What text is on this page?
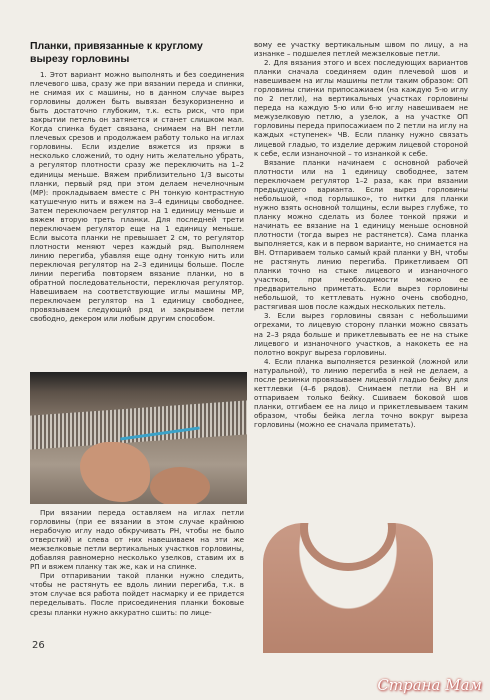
Планки, привязанные к круглому вырезу горловины

1. Этот вариант можно выполнять и без соединения плечевого шва, сразу же при вязании переда и спинки, не снимая их с машины, но в данном случае вырез горловины должен быть вывязан безукоризненно и быть достаточно глубоким, т.к. есть риск, что при закрытии петель он затянется и станет слишком мал. Когда спинка будет связана, снимаем на ВН петли плечевых срезов и продолжаем работу только на иглах горловины. Если изделие вяжется из пряжи в несколько сложений, то одну нить желательно убрать, а регулятор плотности сразу же переключить на 1–2 единицы меньше. Вяжем приблизительно 1/3 высоты планки, первый ряд при этом делаем нечелночным (МР): прокладываем вместе с РН тонкую контрастную катушечную нить и вяжем на 3–4 единицы свободнее. Затем переключаем регулятор на 1 единицу меньше и вяжем вторую треть планки. Для последней трети переключаем регулятор еще на 1 единицу меньше. Если высота планки не превышает 2 см, то регулятор плотности меняют через каждый ряд. Выполняем линию перегиба, убавляя еще одну тонкую нить или переключая регулятор на 2–3 единицы больше. После линии перегиба повторяем вязание планки, но в обратной последовательности, переключая регулятор. Навешиваем на соответствующие иглы машины МР, переключаем регулятор на 1 единицу свободнее, провязываем следующий ряд и закрываем петли свободно, декером или любым другим способом.

При вязании переда оставляем на иглах петли горловины (при ее вязании в этом случае крайнюю нерабочую иглу надо обкручивать РН, чтобы не было отверстий) и слева от них навешиваем на эти же межзелковые петли вертикальных участков горловины, добавляя равномерно несколько узелков, ставим их в РП и вяжем планку так же, как и на спинке.

При отпаривании такой планки нужно следить, чтобы не растянуть ее вдоль линии перегиба, т.к. в этом случае вся работа пойдет насмарку и ее придется переделывать. После присоединения планки боковые срезы планки нужно аккуратно сшить: по лице-

вому ее участку вертикальным швом по лицу, а на изнанке – подшелея петлей межзелковые петли.

2. Для вязания этого и всех последующих вариантов планки сначала соединяем один плечевой шов и навешиваем на иглы машины петли таким образом: ОП горловины спинки припосажиаем (на каждую 5-ю иглу по 2 петли), на вертикальных участках горловины переда на каждую 5-ю или 6-ю иглу навешиваем не межузелковую петлю, а узелок, а на участке ОП горловины переда припосажиаем по 2 петли на иглу на каждых «ступенек» ЧВ. Если планку нужно связать лицевой гладью, то изделие держим лицевой стороной к себе, если изнаночной – то изнанкой к себе.

Вязание планки начинаем с основной рабочей плотности или на 1 единицу свободнее, затем переключаем регулятор 1–2 раза, как при вязании предыдущего варианта. Если вырез горловины небольшой, «под горлышко», то нитки для планки нужно взять основной толщины, если вырез глубже, то планку можно сделать из более тонкой пряжи и начинать ее вязание на 1 единицу меньше основной плотности (тогда вырез не растянется). Сама планка выполняется, как и в первом варианте, но снимается на ВН. Отпариваем только самый край планки у ВН, чтобы не растянуть линию перегиба. Прикетливаем ОП планки точно на стыке лицевого и изнаночного участков, при необходимости можно ее предварительно приметать. Если вырез горловины небольшой, то кеттлевать нужно очень свободно, растягивая шов после каждых нескольких петель.

3. Если вырез горловины связан с небольшими огрехами, то лицевую сторону планки можно связать на 2–3 ряда больше и прикетлевывать ее не на стыке лицевого и изнаночного участков, а накокеть ее на полотно вокруг выреза горловины.

4. Если планка выполняется резинкой (ложной или натуральной), то линию перегиба в ней не делаем, а после резинки провязываем лицевой гладью бейку для кеттлевки (4–6 рядов). Снимаем петли на ВН и отпариваем только бейку. Сшиваем боковой шов планки, отгибаем ее на лицо и прикетлевываем таким образом, чтобы бейка легла точно вокруг выреза горловины (можно ее сначала приметать).

26
Страна Мам
